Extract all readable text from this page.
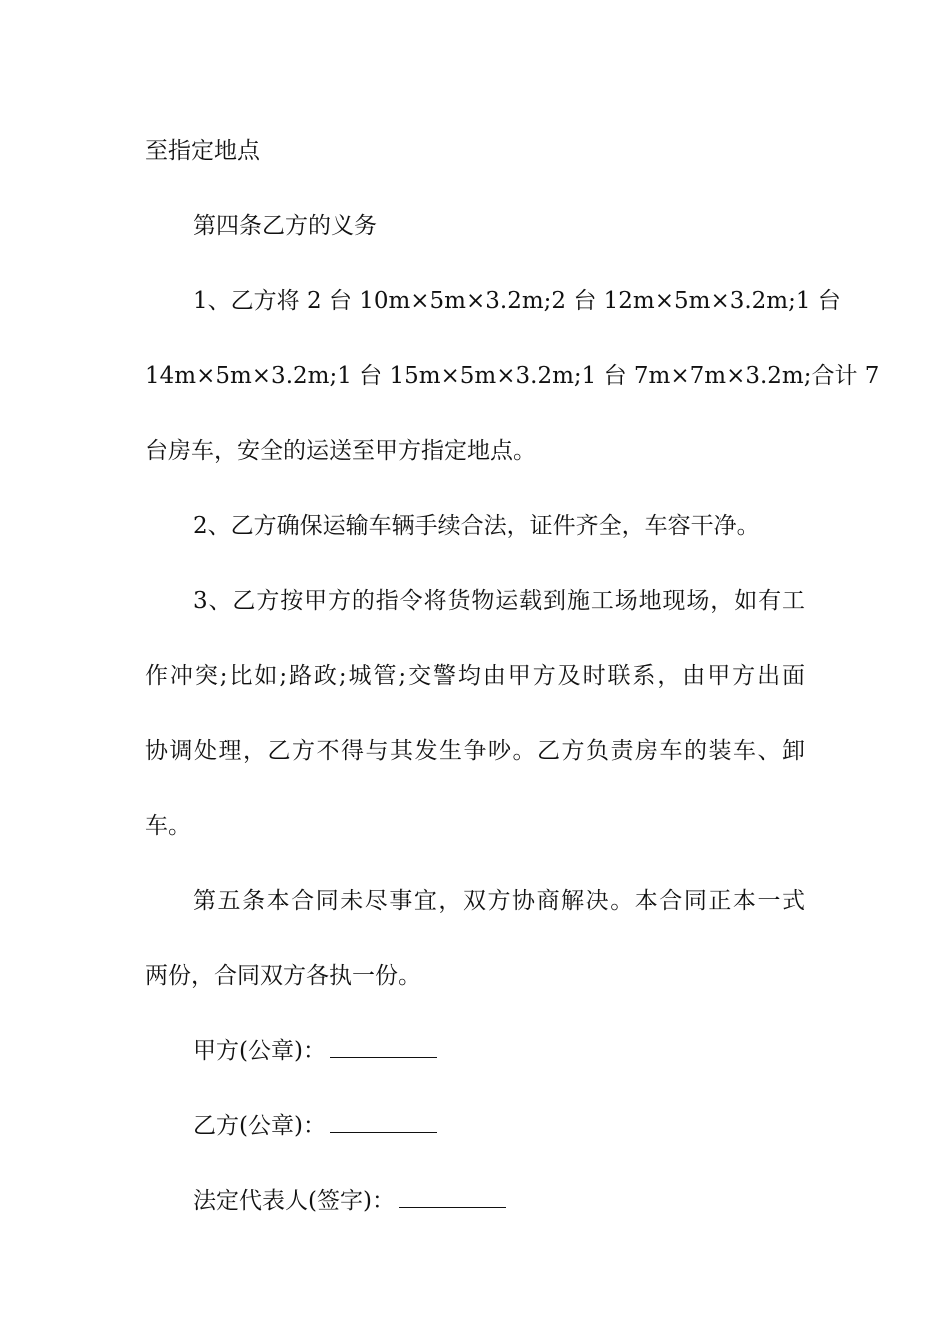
至指定地点
第四条乙方的义务
1、乙方将 2 台 10m×5m×3.2m;2 台 12m×5m×3.2m;1 台
14m×5m×3.2m;1 台 15m×5m×3.2m;1 台 7m×7m×3.2m;合计 7
台房车，安全的运送至甲方指定地点。
2、乙方确保运输车辆手续合法，证件齐全，车容干净。
3、乙方按甲方的指令将货物运载到施工场地现场，如有工
作冲突;比如;路政;城管;交警均由甲方及时联系，由甲方出面
协调处理，乙方不得与其发生争吵。乙方负责房车的装车、卸
车。
第五条本合同未尽事宜，双方协商解决。本合同正本一式
两份，合同双方各执一份。
甲方(公章)：
乙方(公章)：
法定代表人(签字)：
